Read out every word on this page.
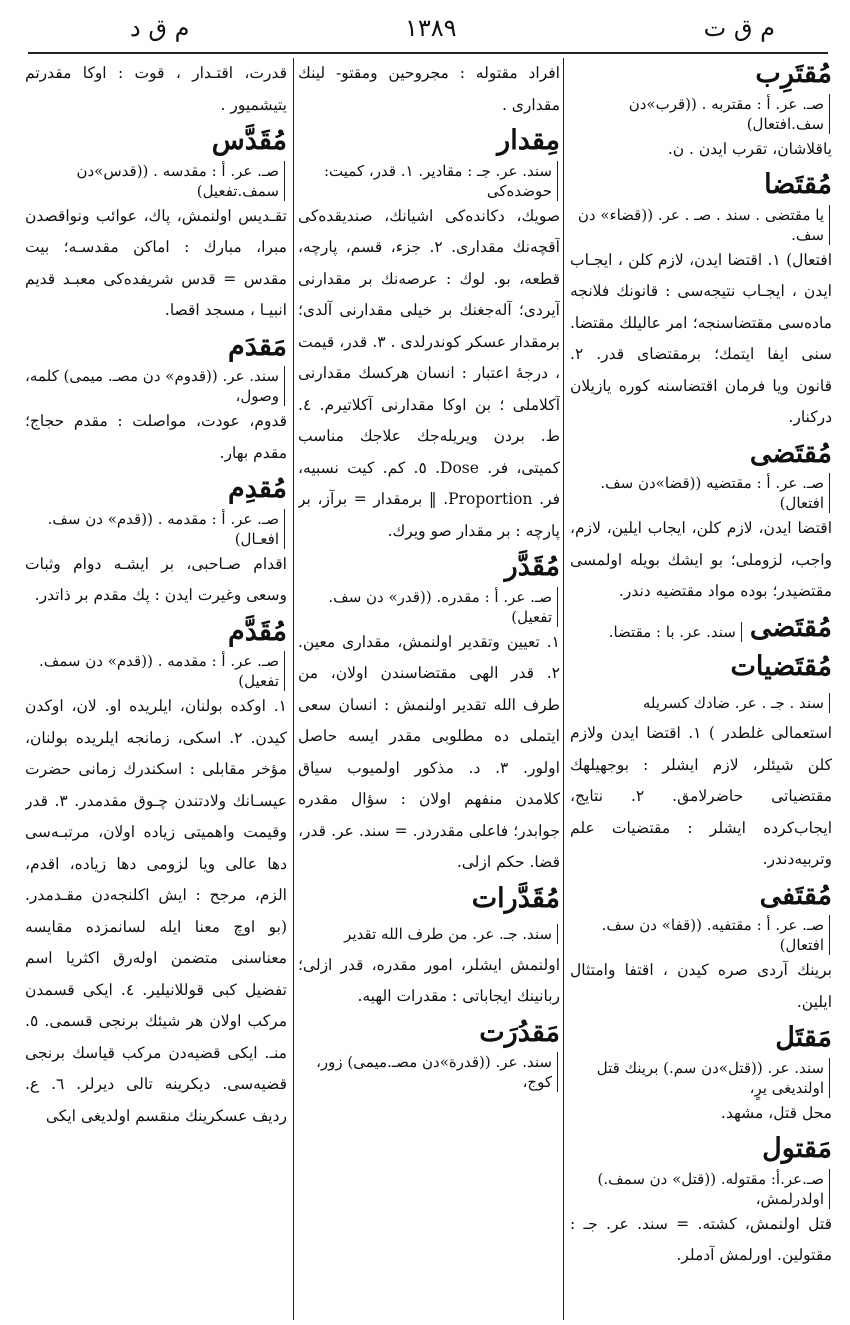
م ق د	١٣٨٩	م ق ت
مُقتَرِبصـ. عر. أ : مقتربه . ((قرب»دن سف.افتعال)
ياقلاشان، تقرب ايدن . ن.
مُقتَضايا مقتضى . سند . صـ . عر. ((قضاء» دن سف.
افتعال) ١. اقتضا ايدن، لازم كلن ، ايجـاب ايدن ، ايجـاب نتيجه‌سى : قانونك فلانجه ماده‌سى مقتضاسنجه؛ امر عاليلك مقتضا. سنى ايفا ايتمك؛ برمقتضاى قدر. ٢. قانون ويا فرمان اقتضاسنه كوره يازيلان دركنار.
مُقتَضىصـ. عر. أ : مقتضيه ((قضا»دن سف. افتعال)
اقتضا ايدن، لازم كلن، ايجاب ايلين، لازم، واجب، لزوملى؛ بو ايشك بويله اولمسى مقتضيدر؛ بوده مواد مقتضيه دندر.
مُقتَضىسند. عر. با : مقتضا.
مُقتَضياتسند . جـ . عر. ضادك كسريله
استعمالى غلطدر ) ١. اقتضا ايدن ولازم كلن شيئلر، لازم ايشلر : بوجهيلهك مقتضياتى حاضرلامق. ٢. نتايج، ايجاب‌كرده ايشلر : مقتضيات علم وتربيه‌دندر.
مُقتَفىصـ. عر. أ : مقتفيه. ((قفا» دن سف. افتعال)
برينك آردى صره كيدن ، اقتفا وامتثال ايلين.
مَقتَلسند. عر. ((قتل»دن سم.) برينك قتل اولنديغى يرٍ،
محل قتل، مشهد.
مَقتولصـ.عر.أ: مقتوله. ((قتل» دن سمف.) اولدرلمش،
قتل اولنمش، كشته. = سند. عر. جـ : مقتولين. اورلمش آدملر.
افراد مقتوله : مجروحين ومقتو- لينك مقدارى .
مِقدارسند. عر. جـ : مقادير. ١. قدر، كميت: حوضده‌كى
صويك، دكانده‌كى اشيانك، صنديقده‌كى آقچه‌نك مقدارى. ٢. جزء، قسم، پارچه، قطعه، بو. لوك : عرصه‌نك بر مقدارنى آيردى؛ آله‌جغنك بر خيلى مقدارنى آلدى؛ برمقدار عسكر كوندرلدى . ٣. قدر، قيمت ، درجهٔ اعتبار : انسان هركسك مقدارنى آكلاملى ؛ بن اوكا مقدارنى آكلاتيرم. ٤. ط. بردن ويريله‌جك علاجك مناسب كميتى، فر. Dose. ٥. كم. كيت نسبيه، فر. Proportion. ‖ برمقدار = برآز، بر پارچه : بر مقدار صو ويرك.
مُقَدَّرصـ. عر. أ : مقدره. ((قدر» دن سف. تفعيل)
١. تعيين وتقدير اولنمش، مقدارى معين. ٢. قدر الهى مقتضاسندن اولان، من طرف الله تقدير اولنمش : انسان سعى ايتملى ده مطلوبى مقدر ايسه حاصل اولور. ٣. د. مذكور اولميوب سياق كلامدن منفهم اولان : سؤال مقدره جوابدر؛ فاعلى مقدردر. = سند. عر. قدر، قضا. حكم ازلى.
مُقَدَّراتسند. جـ. عر. من طرف الله تقدير
اولنمش ايشلر، امور مقدره، قدر ازلى؛ ربانينك ايجاباتى : مقدرات الهيه.
مَقدُرَتسند. عر. ((قدرة»دن مصـ.ميمى) زور، كوج،
قدرت، اقتـدار ، قوت : اوكا مقدرتم يتيشميور .
مُقَدَّسصـ. عر. أ : مقدسه . ((قدس»دن سمف.تفعيل)
تقـديس اولنمش، پاك، عوائب ونواقصدن مبرا، مبارك : اماكن مقدسـه؛ بيت مقدس = قدس شريفده‌كى معبـد قديم انبيـا ، مسجد اقصا.
مَقدَمسند. عر. ((قدوم» دن مصـ. ميمى) كلمه، وصول،
قدوم، عودت، مواصلت : مقدم حجاج؛ مقدم بهار.
مُقدِمصـ. عر. أ : مقدمه . ((قدم» دن سف. افعـال)
اقدام صـاحبى، بر ايشـه دوام وثبات وسعى وغيرت ايدن : پك مقدم بر ذاتدر.
مُقَدَّمصـ. عر. أ : مقدمه . ((قدم» دن سمف. تفعيل)
١. اوكده بولنان، ايلريده او. لان، اوكدن كيدن. ٢. اسكى، زمانجه ايلريده بولنان، مؤخر مقابلى : اسكندرك زمانى حضرت عيسـانك ولادتندن چـوق مقدمدر. ٣. قدر وقيمت واهميتى زياده اولان، مرتبـه‌سى دها عالى ويا لزومى دها زياده، اقدم، الزم، مرجح : ايش اكلنجه‌دن مقـدمدر. (بو اوچ معنا ايله لسانمزده مقايسه معناسنى متضمن اوله‌رق اكثريا اسم تفضيل كبى قوللانيلير. ٤. ايكى قسمدن مركب اولان هر شيئك برنجى قسمى. ٥. منـ. ايكى قضيه‌دن مركب قياسك برنجى قضيه‌سى. ديكرينه تالى ديرلر. ٦. ع. رديف عسكرينك منقسم اولديغى ايكى
